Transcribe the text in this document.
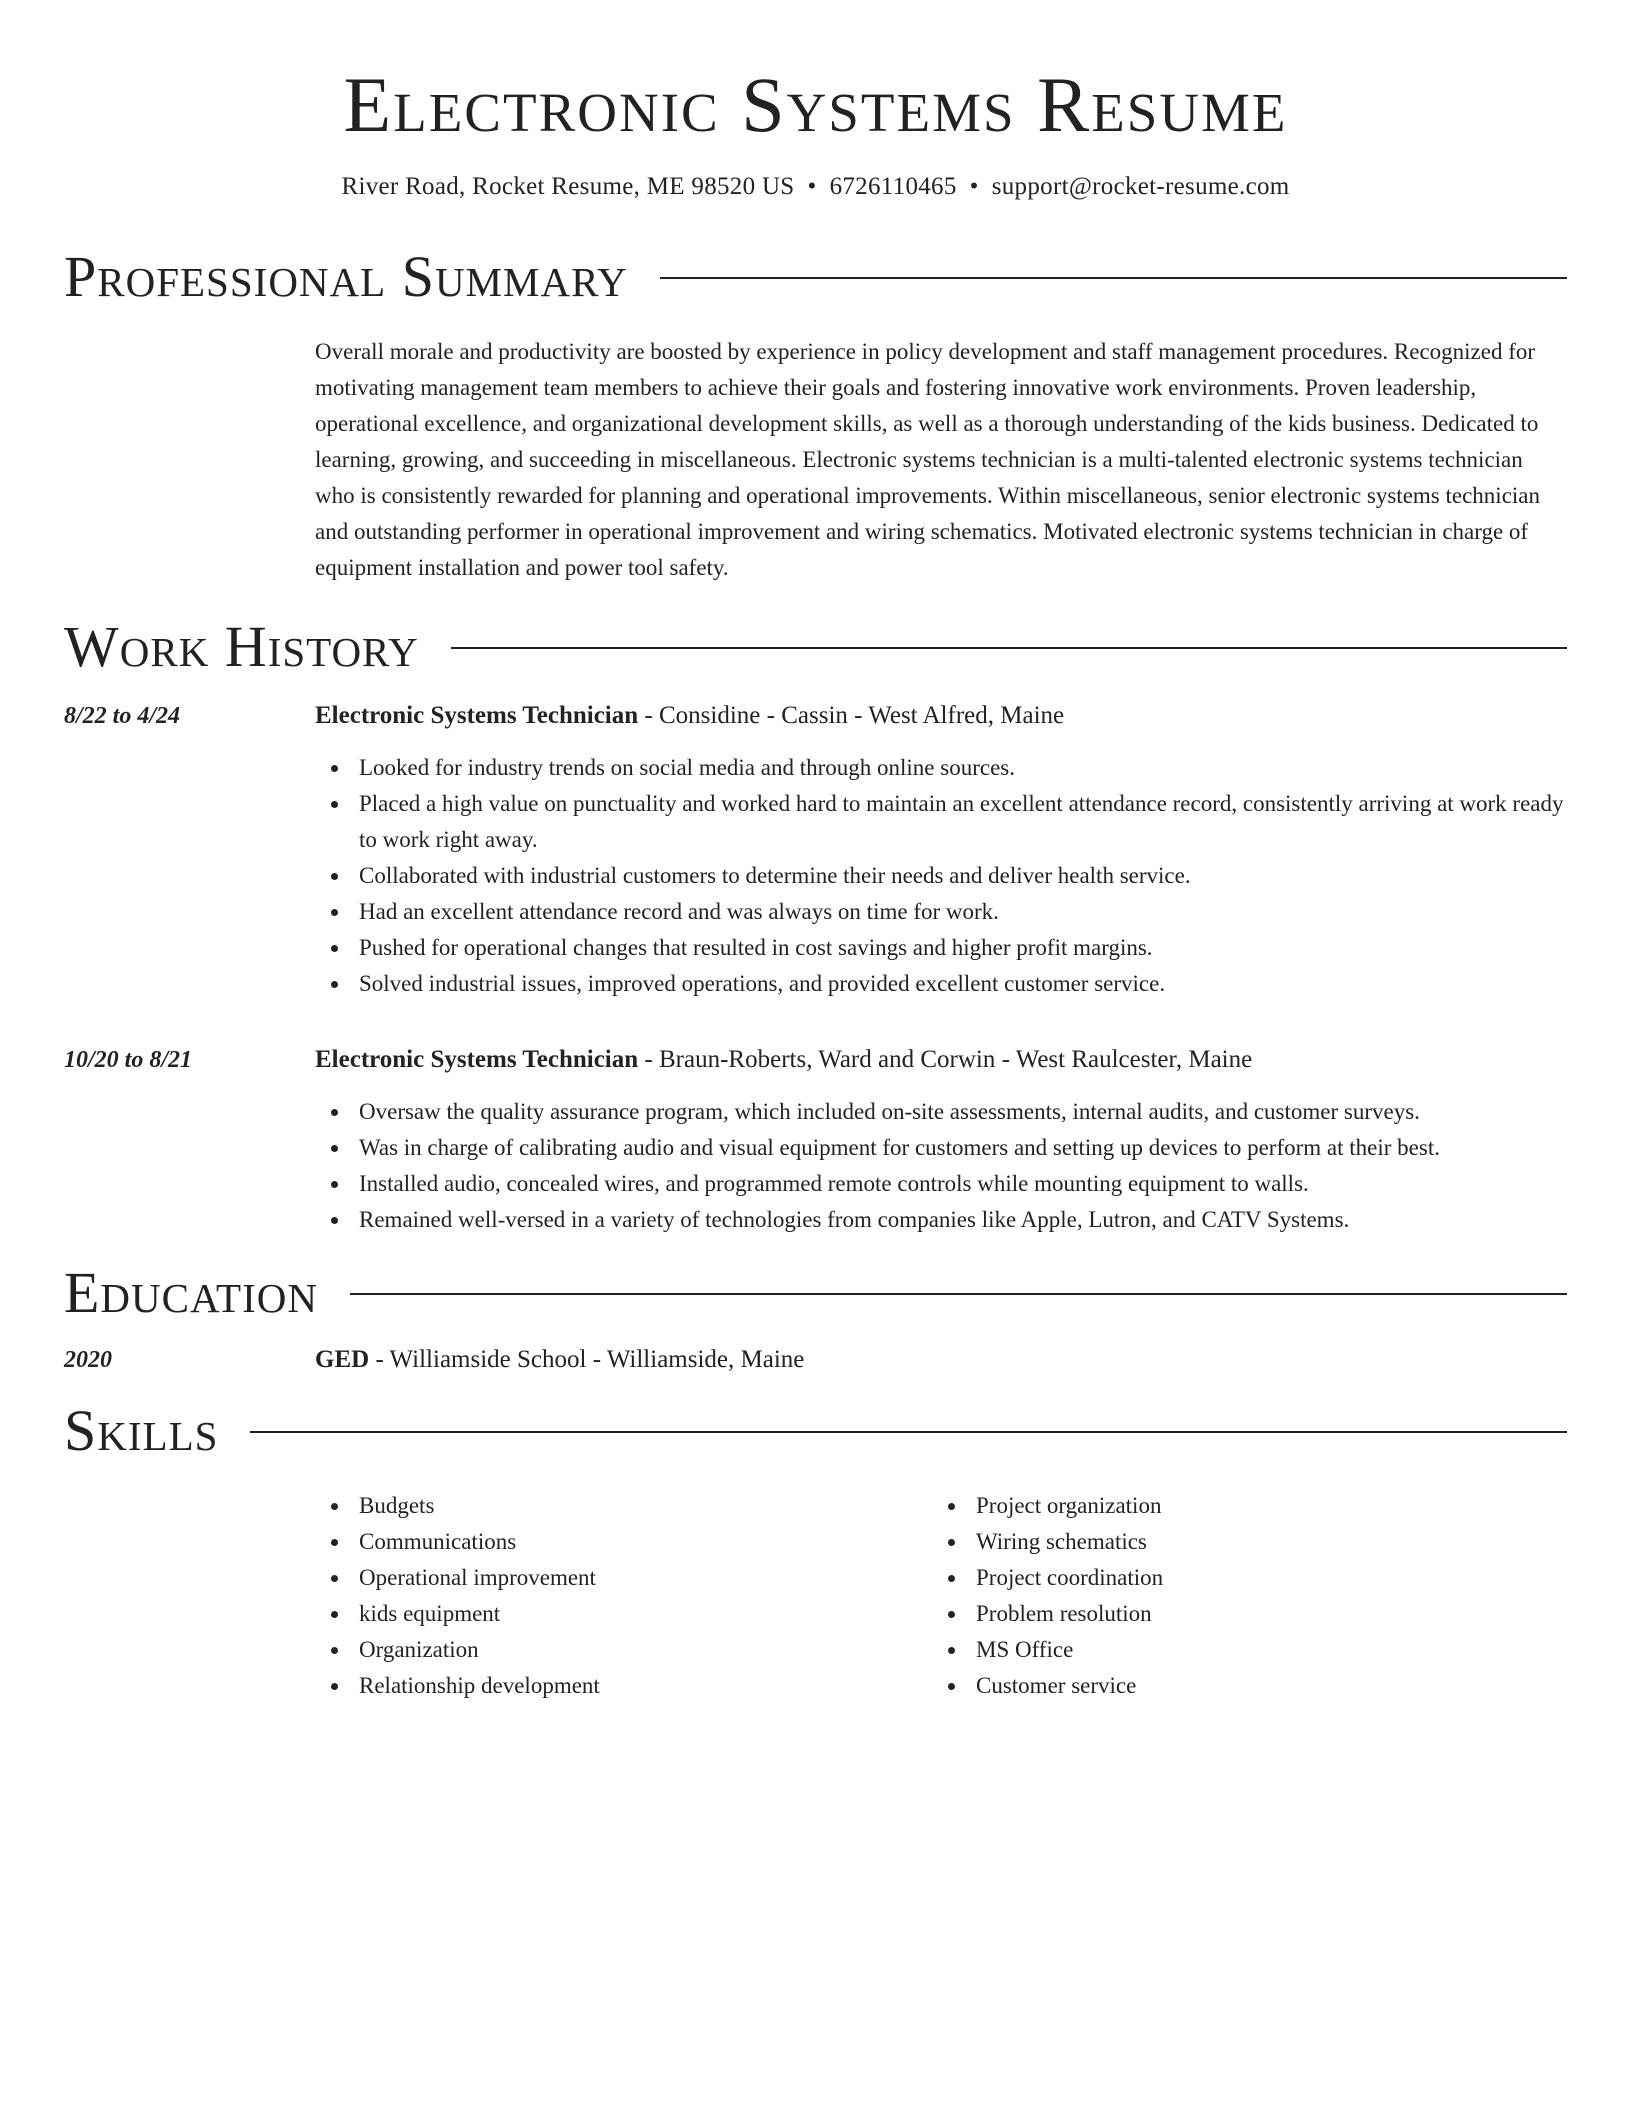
Electronic Systems Resume
River Road, Rocket Resume, ME 98520 US • 6726110465 • support@rocket-resume.com
Professional Summary
Overall morale and productivity are boosted by experience in policy development and staff management procedures. Recognized for motivating management team members to achieve their goals and fostering innovative work environments. Proven leadership, operational excellence, and organizational development skills, as well as a thorough understanding of the kids business. Dedicated to learning, growing, and succeeding in miscellaneous. Electronic systems technician is a multi-talented electronic systems technician who is consistently rewarded for planning and operational improvements. Within miscellaneous, senior electronic systems technician and outstanding performer in operational improvement and wiring schematics. Motivated electronic systems technician in charge of equipment installation and power tool safety.
Work History
8/22 to 4/24	Electronic Systems Technician - Considine - Cassin - West Alfred, Maine
Looked for industry trends on social media and through online sources.
Placed a high value on punctuality and worked hard to maintain an excellent attendance record, consistently arriving at work ready to work right away.
Collaborated with industrial customers to determine their needs and deliver health service.
Had an excellent attendance record and was always on time for work.
Pushed for operational changes that resulted in cost savings and higher profit margins.
Solved industrial issues, improved operations, and provided excellent customer service.
10/20 to 8/21	Electronic Systems Technician - Braun-Roberts, Ward and Corwin - West Raulcester, Maine
Oversaw the quality assurance program, which included on-site assessments, internal audits, and customer surveys.
Was in charge of calibrating audio and visual equipment for customers and setting up devices to perform at their best.
Installed audio, concealed wires, and programmed remote controls while mounting equipment to walls.
Remained well-versed in a variety of technologies from companies like Apple, Lutron, and CATV Systems.
Education
2020	GED - Williamside School - Williamside, Maine
Skills
Budgets
Communications
Operational improvement
kids equipment
Organization
Relationship development
Project organization
Wiring schematics
Project coordination
Problem resolution
MS Office
Customer service
